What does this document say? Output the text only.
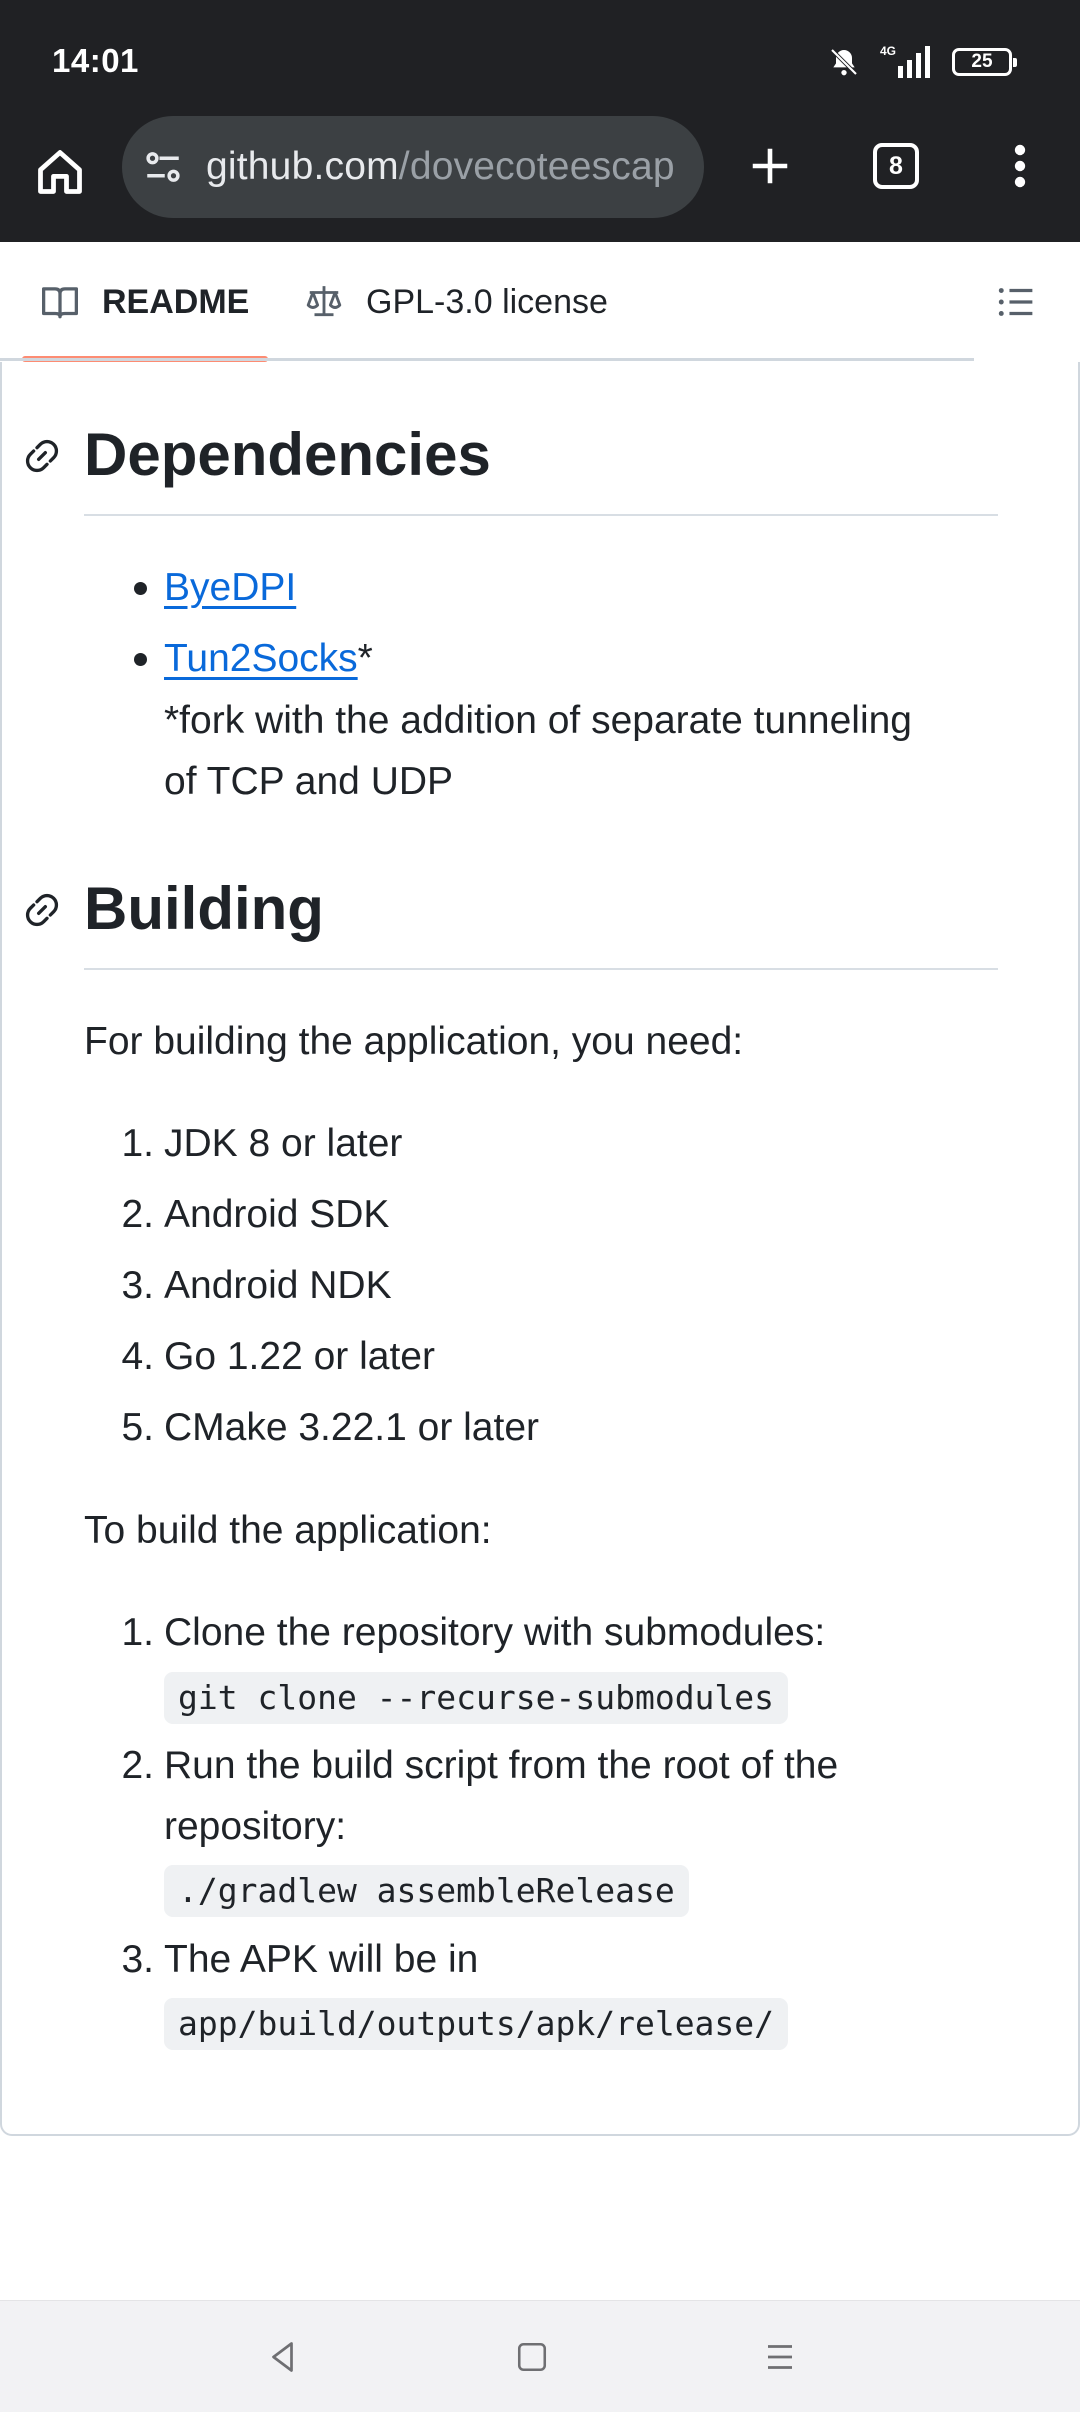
14:01	4G	25
github.com/dovecoteescap	8
README	GPL-3.0 license
Dependencies
ByeDPI
Tun2Socks*
*fork with the addition of separate tunneling
of TCP and UDP
Building
For building the application, you need:
1. JDK 8 or later
2. Android SDK
3. Android NDK
4. Go 1.22 or later
5. CMake 3.22.1 or later
To build the application:
1. Clone the repository with submodules:
git clone --recurse-submodules
2. Run the build script from the root of the
repository:
./gradlew assembleRelease
3. The APK will be in
app/build/outputs/apk/release/
